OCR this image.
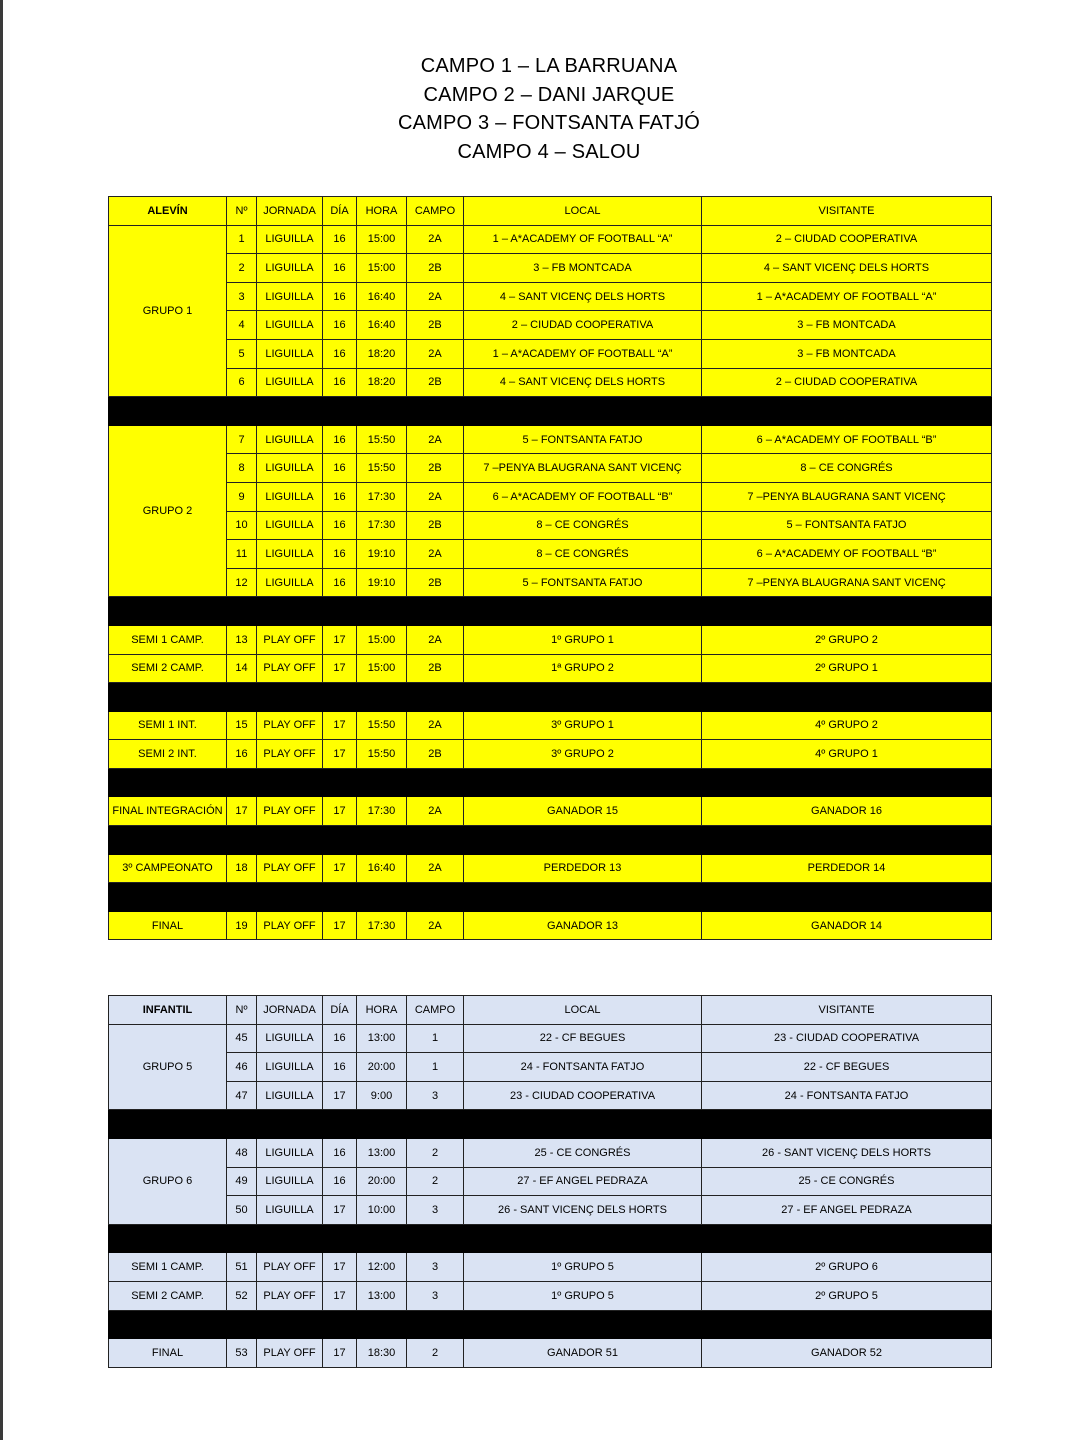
CAMPO 1 – LA BARRUANA
CAMPO 2 – DANI JARQUE
CAMPO 3 – FONTSANTA FATJÓ
CAMPO 4 – SALOU
ALEVÍN	Nº	JORNADA	DÍA	HORA	CAMPO	LOCAL	VISITANTE
GRUPO 1	1	LIGUILLA	16	15:00	2A	1 – A*ACADEMY OF FOOTBALL “A”	2 – CIUDAD COOPERATIVA
	2	LIGUILLA	16	15:00	2B	3 – FB MONTCADA	4 – SANT VICENÇ DELS HORTS
	3	LIGUILLA	16	16:40	2A	4 – SANT VICENÇ DELS HORTS	1 – A*ACADEMY OF FOOTBALL “A”
	4	LIGUILLA	16	16:40	2B	2 – CIUDAD COOPERATIVA	3 – FB MONTCADA
	5	LIGUILLA	16	18:20	2A	1 – A*ACADEMY OF FOOTBALL “A”	3 – FB MONTCADA
	6	LIGUILLA	16	18:20	2B	4 – SANT VICENÇ DELS HORTS	2 – CIUDAD COOPERATIVA

GRUPO 2	7	LIGUILLA	16	15:50	2A	5 – FONTSANTA FATJO	6 – A*ACADEMY OF FOOTBALL “B”
	8	LIGUILLA	16	15:50	2B	7 –PENYA BLAUGRANA SANT VICENÇ	8 – CE CONGRÉS
	9	LIGUILLA	16	17:30	2A	6 – A*ACADEMY OF FOOTBALL “B”	7 –PENYA BLAUGRANA SANT VICENÇ
	10	LIGUILLA	16	17:30	2B	8 – CE CONGRÉS	5 – FONTSANTA FATJO
	11	LIGUILLA	16	19:10	2A	8 – CE CONGRÉS	6 – A*ACADEMY OF FOOTBALL “B”
	12	LIGUILLA	16	19:10	2B	5 – FONTSANTA FATJO	7 –PENYA BLAUGRANA SANT VICENÇ

SEMI 1 CAMP.	13	PLAY OFF	17	15:00	2A	1º GRUPO 1	2º GRUPO 2
SEMI 2 CAMP.	14	PLAY OFF	17	15:00	2B	1ª GRUPO 2	2º GRUPO 1

SEMI 1 INT.	15	PLAY OFF	17	15:50	2A	3º GRUPO 1	4º GRUPO 2
SEMI 2 INT.	16	PLAY OFF	17	15:50	2B	3º GRUPO 2	4º GRUPO 1

FINAL INTEGRACIÓN	17	PLAY OFF	17	17:30	2A	GANADOR 15	GANADOR 16

3º CAMPEONATO	18	PLAY OFF	17	16:40	2A	PERDEDOR 13	PERDEDOR 14

FINAL	19	PLAY OFF	17	17:30	2A	GANADOR 13	GANADOR 14
INFANTIL	Nº	JORNADA	DÍA	HORA	CAMPO	LOCAL	VISITANTE
GRUPO 5	45	LIGUILLA	16	13:00	1	22 - CF BEGUES	23 - CIUDAD COOPERATIVA
	46	LIGUILLA	16	20:00	1	24 - FONTSANTA FATJO	22 - CF BEGUES
	47	LIGUILLA	17	9:00	3	23 - CIUDAD COOPERATIVA	24 - FONTSANTA FATJO

GRUPO 6	48	LIGUILLA	16	13:00	2	25 - CE CONGRÉS	26 - SANT VICENÇ DELS HORTS
	49	LIGUILLA	16	20:00	2	27 - EF ANGEL PEDRAZA	25 - CE CONGRÉS
	50	LIGUILLA	17	10:00	3	26 - SANT VICENÇ DELS HORTS	27 - EF ANGEL PEDRAZA

SEMI 1 CAMP.	51	PLAY OFF	17	12:00	3	1º GRUPO 5	2º GRUPO 6
SEMI 2 CAMP.	52	PLAY OFF	17	13:00	3	1º GRUPO 5	2º GRUPO 5

FINAL	53	PLAY OFF	17	18:30	2	GANADOR 51	GANADOR 52
